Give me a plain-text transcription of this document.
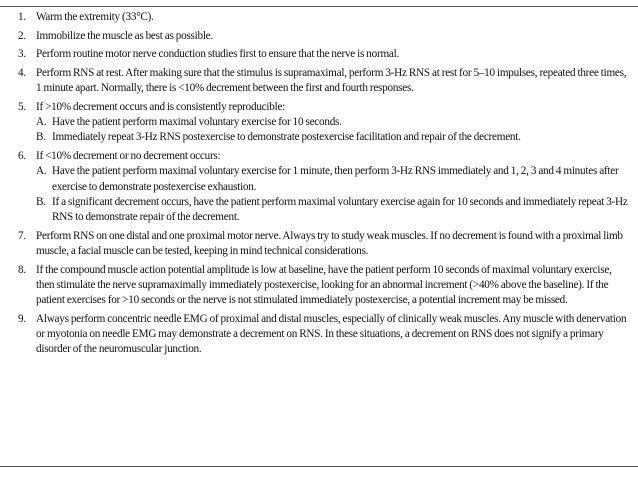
1. Warm the extremity (33°C).
2. Immobilize the muscle as best as possible.
3. Perform routine motor nerve conduction studies first to ensure that the nerve is normal.
4. Perform RNS at rest. After making sure that the stimulus is supramaximal, perform 3-Hz RNS at rest for 5–10 impulses, repeated three times, 1 minute apart. Normally, there is <10% decrement between the first and fourth responses.
5. If >10% decrement occurs and is consistently reproducible:
A. Have the patient perform maximal voluntary exercise for 10 seconds.
B. Immediately repeat 3-Hz RNS postexercise to demonstrate postexercise facilitation and repair of the decrement.
6. If <10% decrement or no decrement occurs:
A. Have the patient perform maximal voluntary exercise for 1 minute, then perform 3-Hz RNS immediately and 1, 2, 3 and 4 minutes after exercise to demonstrate postexercise exhaustion.
B. If a significant decrement occurs, have the patient perform maximal voluntary exercise again for 10 seconds and immediately repeat 3-Hz RNS to demonstrate repair of the decrement.
7. Perform RNS on one distal and one proximal motor nerve. Always try to study weak muscles. If no decrement is found with a proximal limb muscle, a facial muscle can be tested, keeping in mind technical considerations.
8. If the compound muscle action potential amplitude is low at baseline, have the patient perform 10 seconds of maximal voluntary exercise, then stimulate the nerve supramaximally immediately postexercise, looking for an abnormal increment (>40% above the baseline). If the patient exercises for >10 seconds or the nerve is not stimulated immediately postexercise, a potential increment may be missed.
9. Always perform concentric needle EMG of proximal and distal muscles, especially of clinically weak muscles. Any muscle with denervation or myotonia on needle EMG may demonstrate a decrement on RNS. In these situations, a decrement on RNS does not signify a primary disorder of the neuromuscular junction.
